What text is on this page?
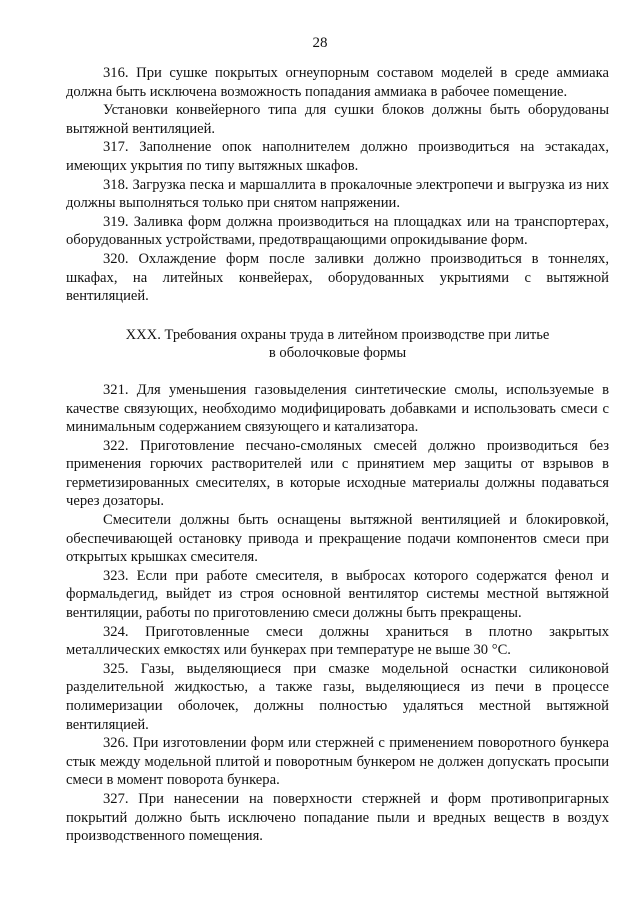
28

316. При сушке покрытых огнеупорным составом моделей в среде аммиака должна быть исключена возможность попадания аммиака в рабочее помещение.

Установки конвейерного типа для сушки блоков должны быть оборудованы вытяжной вентиляцией.

317. Заполнение опок наполнителем должно производиться на эстакадах, имеющих укрытия по типу вытяжных шкафов.

318. Загрузка песка и маршаллита в прокалочные электропечи и выгрузка из них должны выполняться только при снятом напряжении.

319. Заливка форм должна производиться на площадках или на транспортерах, оборудованных устройствами, предотвращающими опрокидывание форм.

320. Охлаждение форм после заливки должно производиться в тоннелях, шкафах, на литейных конвейерах, оборудованных укрытиями с вытяжной вентиляцией.

XXX. Требования охраны труда в литейном производстве при литье
в оболочковые формы

321. Для уменьшения газовыделения синтетические смолы, используемые в качестве связующих, необходимо модифицировать добавками и использовать смеси с минимальным содержанием связующего и катализатора.

322. Приготовление песчано-смоляных смесей должно производиться без применения горючих растворителей или с принятием мер защиты от взрывов в герметизированных смесителях, в которые исходные материалы должны подаваться через дозаторы.

Смесители должны быть оснащены вытяжной вентиляцией и блокировкой, обеспечивающей остановку привода и прекращение подачи компонентов смеси при открытых крышках смесителя.

323. Если при работе смесителя, в выбросах которого содержатся фенол и формальдегид, выйдет из строя основной вентилятор системы местной вытяжной вентиляции, работы по приготовлению смеси должны быть прекращены.

324. Приготовленные смеси должны храниться в плотно закрытых металлических емкостях или бункерах при температуре не выше 30 °С.

325. Газы, выделяющиеся при смазке модельной оснастки силиконовой разделительной жидкостью, а также газы, выделяющиеся из печи в процессе полимеризации оболочек, должны полностью удаляться местной вытяжной вентиляцией.

326. При изготовлении форм или стержней с применением поворотного бункера стык между модельной плитой и поворотным бункером не должен допускать просыпи смеси в момент поворота бункера.

327. При нанесении на поверхности стержней и форм противопригарных покрытий должно быть исключено попадание пыли и вредных веществ в воздух производственного помещения.
